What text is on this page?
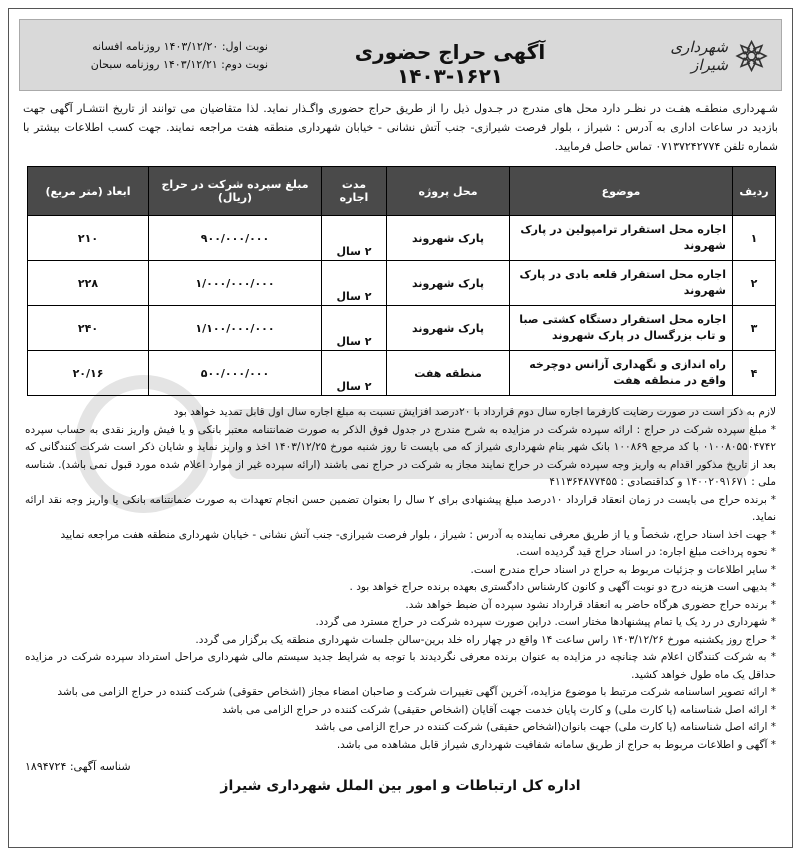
شهرداری شیراز
آگهی حراج حضوری ۱۶۲۱-۱۴۰۳
نوبت اول: ۱۴۰۳/۱۲/۲۰ روزنامه افسانه
نوبت دوم: ۱۴۰۳/۱۲/۲۱ روزنامه سبحان
شـهرداری منطقـه هفـت در نظـر دارد محل های مندرج در جـدول ذیل را از طریق حراج حضوری واگـذار نماید. لذا متقاضیان می توانند از تاریخ انتشـار آگهی جهت بازدید در ساعات اداری به آدرس : شیراز ، بلوار فرصت شیرازی- جنب آتش نشانی - خیابان شهرداری منطقه هفت مراجعه نمایند. جهت کسب اطلاعات بیشتر با شماره تلفن ۰۷۱۳۷۲۴۲۷۷۴ تماس حاصل فرمایید.
ردیف	موضوع	محل پروژه	مدت اجاره	مبلغ سپرده شرکت در حراج (ریال)	ابعاد (متر مربع)
۱	اجاره محل استقرار ترامپولین در پارک شهروند	پارک شهروند	۲ سال	۹۰۰/۰۰۰/۰۰۰	۲۱۰
۲	اجاره محل استقرار قلعه بادی در پارک شهروند	پارک شهروند	۲ سال	۱/۰۰۰/۰۰۰/۰۰۰	۲۲۸
۳	اجاره محل استقرار دستگاه کشتی صبا و تاب بزرگسال در پارک شهروند	پارک شهروند	۲ سال	۱/۱۰۰/۰۰۰/۰۰۰	۲۴۰
۴	راه اندازی و نگهداری آزانس دوچرخه واقع در منطقه هفت	منطقه هفت	۲ سال	۵۰۰/۰۰۰/۰۰۰	۲۰/۱۶

لازم به ذکر است در صورت رضایت کارفرما اجاره سال دوم قرارداد با ۲۰درصد افزایش نسبت به مبلغ اجاره سال اول قابل تمدید خواهد بود

* مبلغ سپرده شرکت در حراج : ارائه سپرده شرکت در مزایده به شرح مندرج در جدول فوق الذکر به صورت ضمانتنامه معتبر بانکی و یا فیش واریز نقدی به حساب سپرده ۰۱۰۰۸۰۵۵۰۴۷۴۲ با کد مرجع ۱۰۰۸۶۹ بانک شهر بنام شهرداری شیراز که می بایست تا روز شنبه مورخ ۱۴۰۳/۱۲/۲۵ اخذ و واریز نماید و شایان ذکر است شرکت کنندگانی که بعد از تاریخ مذکور اقدام به واریز وجه سپرده شرکت در حراج نمایند مجاز به شرکت در حراج نمی باشند (ارائه سپرده غیر از موارد اعلام شده مورد قبول نمی باشد). شناسه ملی : ۱۴۰۰۲۰۹۱۶۷۱ و کداقتصادی : ۴۱۱۳۶۴۸۷۷۴۵۵

* برنده حراج می بایست در زمان انعقاد قرارداد ۱۰درصد مبلغ پیشنهادی برای ۲ سال را بعنوان تضمین حسن انجام تعهدات به صورت ضمانتنامه بانکی یا واریز وجه نقد ارائه نماید.

* جهت اخذ اسناد حراج، شخصاً و یا از طریق معرفی نماینده به آدرس : شیراز ، بلوار فرصت شیرازی- جنب آتش نشانی - خیابان شهرداری منطقه هفت مراجعه نمایید

* نحوه پرداخت مبلغ اجاره: در اسناد حراج قید گردیده است.

* سایر اطلاعات و جزئیات مربوط به حراج در اسناد حراج مندرج است.

* بدیهی است هزینه درج دو نوبت آگهی و کانون کارشناس دادگستری بعهده برنده حراج خواهد بود .

* برنده حراج حضوری هرگاه حاضر به انعقاد قرارداد نشود سپرده آن ضبط خواهد شد.

* شهرداری در رد یک یا تمام پیشنهادها مختار است. دراین صورت سپرده شرکت در حراج مسترد می گردد.

* حراج روز یکشنبه مورخ ۱۴۰۳/۱۲/۲۶ راس ساعت ۱۴ واقع در چهار راه خلد برین-سالن جلسات شهرداری منطقه یک برگزار می گردد.

* به شرکت کنندگان اعلام شد چنانچه در مزایده به عنوان برنده معرفی نگردیدند با توجه به شرایط جدید سیستم مالی شهرداری مراحل استرداد سپرده شرکت در مزایده حداقل یک ماه طول خواهد کشید.

* ارائه تصویر اساسنامه شرکت مرتبط با موضوع مزایده، آخرین آگهی تغییرات شرکت و صاحبان امضاء مجاز (اشخاص حقوقی) شرکت کننده در حراج الزامی می باشد

* ارائه اصل شناسنامه (یا کارت ملی) و کارت پایان خدمت جهت آقایان (اشخاص حقیقی) شرکت کننده در حراج الزامی می باشد

* ارائه اصل شناسنامه (یا کارت ملی) جهت بانوان(اشخاص حقیقی) شرکت کننده در حراج الزامی می باشد

* آگهی و اطلاعات مربوط به حراج از طریق سامانه شفافیت شهرداری شیراز قابل مشاهده می باشد.

شناسه آگهی: ۱۸۹۴۷۲۴
اداره کل ارتباطات و امور بین الملل شهرداری شیراز
